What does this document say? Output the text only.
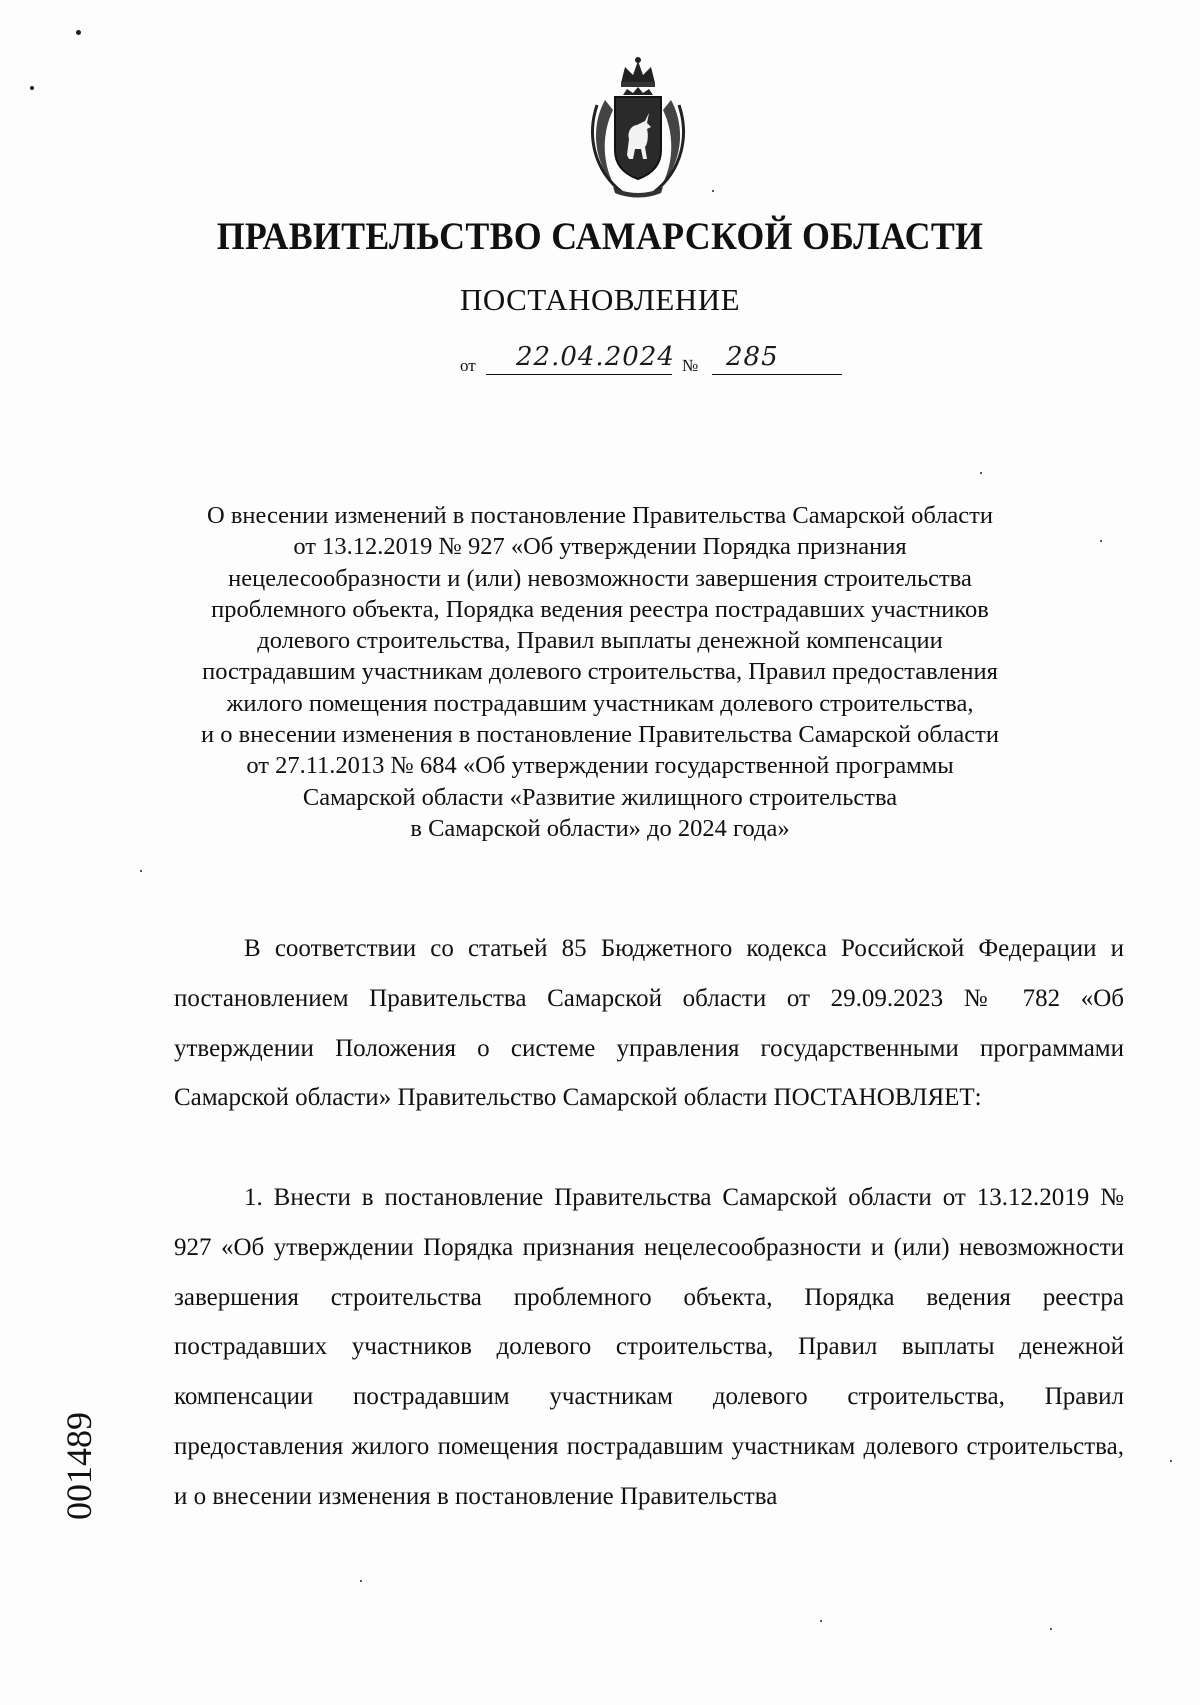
ПРАВИТЕЛЬСТВО САМАРСКОЙ ОБЛАСТИ
ПОСТАНОВЛЕНИЕ
от 22.04.2024 № 285
О внесении изменений в постановление Правительства Самарской области
от 13.12.2019 № 927 «Об утверждении Порядка признания
нецелесообразности и (или) невозможности завершения строительства
проблемного объекта, Порядка ведения реестра пострадавших участников
долевого строительства, Правил выплаты денежной компенсации
пострадавшим участникам долевого строительства, Правил предоставления
жилого помещения пострадавшим участникам долевого строительства,
и о внесении изменения в постановление Правительства Самарской области
от 27.11.2013 № 684 «Об утверждении государственной программы
Самарской области «Развитие жилищного строительства
в Самарской области» до 2024 года»

В соответствии со статьей 85 Бюджетного кодекса Российской Федерации и постановлением Правительства Самарской области от 29.09.2023 № 782 «Об утверждении Положения о системе управления государственными программами Самарской области» Правительство Самарской области ПОСТАНОВЛЯЕТ:

1. Внести в постановление Правительства Самарской области от 13.12.2019 № 927 «Об утверждении Порядка признания нецелесообразности и (или) невозможности завершения строительства проблемного объекта, Порядка ведения реестра пострадавших участников долевого строительства, Правил выплаты денежной компенсации пострадавшим участникам долевого строительства, Правил предоставления жилого помещения пострадавшим участникам долевого строительства, и о внесении изменения в постановление Правительства

001489
